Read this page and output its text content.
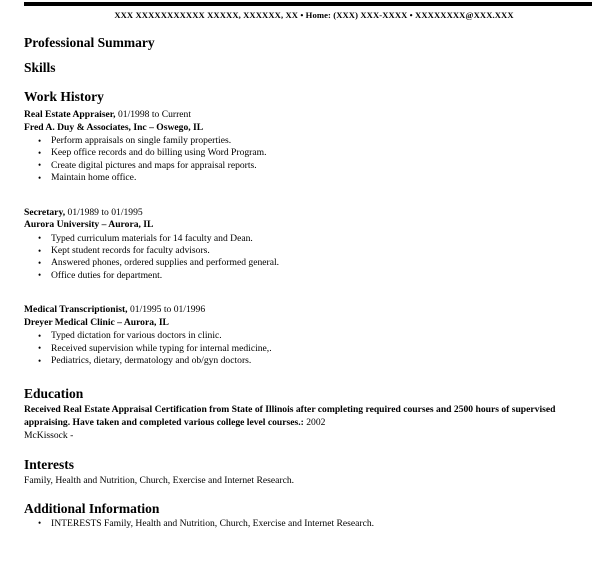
XXX XXXXXXXXXXX XXXXX, XXXXXX, XX • Home: (XXX) XXX-XXXX • XXXXXXXX@XXX.XXX
Professional Summary
Skills
Work History
Real Estate Appraiser, 01/1998 to Current
Fred A. Duy & Associates, Inc – Oswego, IL
• Perform appraisals on single family properties.
• Keep office records and do billing using Word Program.
• Create digital pictures and maps for appraisal reports.
• Maintain home office.
Secretary, 01/1989 to 01/1995
Aurora University – Aurora, IL
• Typed curriculum materials for 14 faculty and Dean.
• Kept student records for faculty advisors.
• Answered phones, ordered supplies and performed general.
• Office duties for department.
Medical Transcriptionist, 01/1995 to 01/1996
Dreyer Medical Clinic – Aurora, IL
• Typed dictation for various doctors in clinic.
• Received supervision while typing for internal medicine,.
• Pediatrics, dietary, dermatology and ob/gyn doctors.
Education
Received Real Estate Appraisal Certification from State of Illinois after completing required courses and 2500 hours of supervised appraising. Have taken and completed various college level courses.: 2002
McKissock -
Interests
Family, Health and Nutrition, Church, Exercise and Internet Research.
Additional Information
• INTERESTS Family, Health and Nutrition, Church, Exercise and Internet Research.
